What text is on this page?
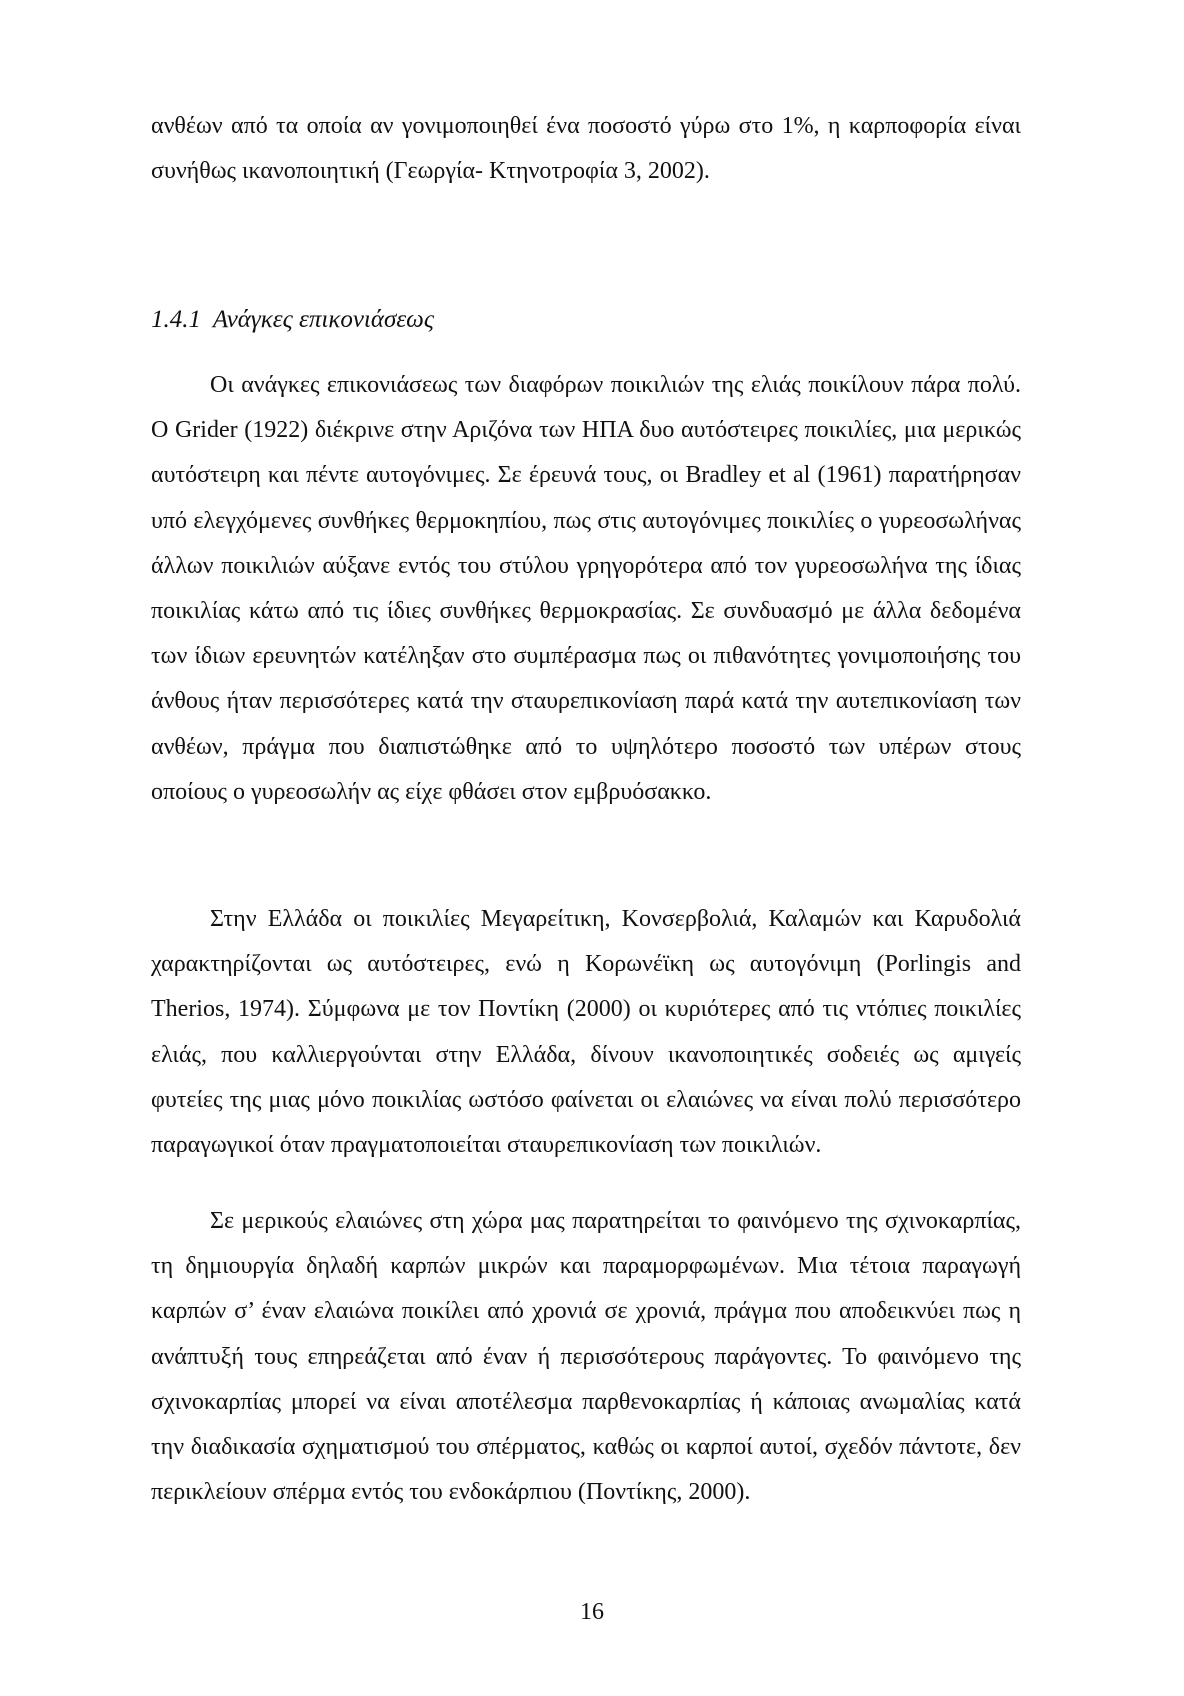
ανθέων από τα οποία αν γονιμοποιηθεί ένα ποσοστό γύρω στο 1%, η καρποφορία είναι συνήθως ικανοποιητική (Γεωργία- Κτηνοτροφία 3, 2002).

1.4.1 Ανάγκες επικονιάσεως

Οι ανάγκες επικονιάσεως των διαφόρων ποικιλιών της ελιάς ποικίλουν πάρα πολύ. Ο Grider (1922) διέκρινε στην Αριζόνα των ΗΠΑ δυο αυτόστειρες ποικιλίες, μια μερικώς αυτόστειρη και πέντε αυτογόνιμες. Σε έρευνά τους, οι Bradley et al (1961) παρατήρησαν υπό ελεγχόμενες συνθήκες θερμοκηπίου, πως στις αυτογόνιμες ποικιλίες ο γυρεοσωλήνας άλλων ποικιλιών αύξανε εντός του στύλου γρηγορότερα από τον γυρεοσωλήνα της ίδιας ποικιλίας κάτω από τις ίδιες συνθήκες θερμοκρασίας. Σε συνδυασμό με άλλα δεδομένα των ίδιων ερευνητών κατέληξαν στο συμπέρασμα πως οι πιθανότητες γονιμοποιήσης του άνθους ήταν περισσότερες κατά την σταυρεπικονίαση παρά κατά την αυτεπικονίαση των ανθέων, πράγμα που διαπιστώθηκε από το υψηλότερο ποσοστό των υπέρων στους οποίους ο γυρεοσωλήν ας είχε φθάσει στον εμβρυόσακκο.

Στην Ελλάδα οι ποικιλίες Μεγαρείτικη, Κονσερβολιά, Καλαμών και Καρυδολιά χαρακτηρίζονται ως αυτόστειρες, ενώ η Κορωνέϊκη ως αυτογόνιμη (Porlingis and Therios, 1974). Σύμφωνα με τον Ποντίκη (2000) οι κυριότερες από τις ντόπιες ποικιλίες ελιάς, που καλλιεργούνται στην Ελλάδα, δίνουν ικανοποιητικές σοδειές ως αμιγείς φυτείες της μιας μόνο ποικιλίας ωστόσο φαίνεται οι ελαιώνες να είναι πολύ περισσότερο παραγωγικοί όταν πραγματοποιείται σταυρεπικονίαση των ποικιλιών.

Σε μερικούς ελαιώνες στη χώρα μας παρατηρείται το φαινόμενο της σχινοκαρπίας, τη δημιουργία δηλαδή καρπών μικρών και παραμορφωμένων. Μια τέτοια παραγωγή καρπών σ’ έναν ελαιώνα ποικίλει από χρονιά σε χρονιά, πράγμα που αποδεικνύει πως η ανάπτυξή τους επηρεάζεται από έναν ή περισσότερους παράγοντες. Το φαινόμενο της σχινοκαρπίας μπορεί να είναι αποτέλεσμα παρθενοκαρπίας ή κάποιας ανωμαλίας κατά την διαδικασία σχηματισμού του σπέρματος, καθώς οι καρποί αυτοί, σχεδόν πάντοτε, δεν περικλείουν σπέρμα εντός του ενδοκάρπιου (Ποντίκης, 2000).

16
